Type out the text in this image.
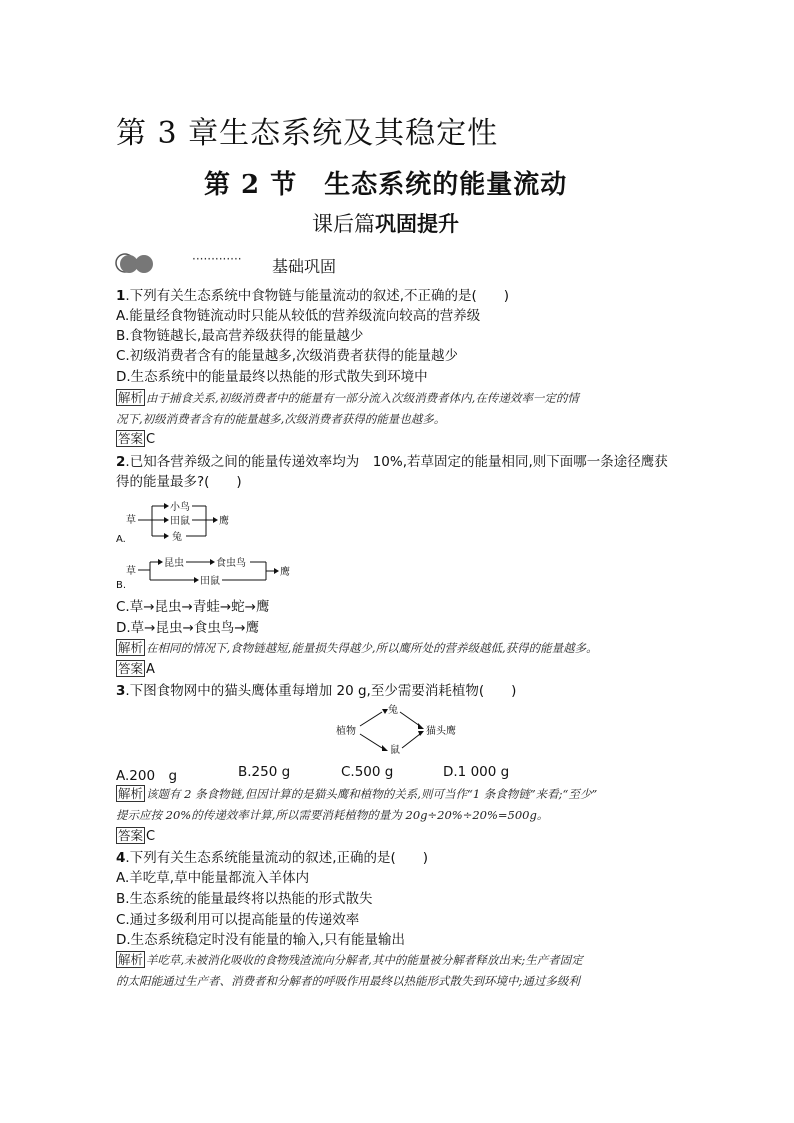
第 3 章生态系统及其稳定性
第 2 节　生态系统的能量流动
课后篇巩固提升
············· 基础巩固
1.下列有关生态系统中食物链与能量流动的叙述,不正确的是(　　)
A.能量经食物链流动时只能从较低的营养级流向较高的营养级
B.食物链越长,最高营养级获得的能量越少
C.初级消费者含有的能量越多,次级消费者获得的能量越少
D.生态系统中的能量最终以热能的形式散失到环境中
解析 由于捕食关系,初级消费者中的能量有一部分流入次级消费者体内,在传递效率一定的情
况下,初级消费者含有的能量越多,次级消费者获得的能量也越多。
答案 C
2.已知各营养级之间的能量传递效率均为　10%,若草固定的能量相同,则下面哪一条途径鹰获
得的能量最多?(　　)
A.
草
小鸟
田鼠
兔
鹰
B.
草
昆虫	食虫鸟
田鼠
鹰
C.草→昆虫→青蛙→蛇→鹰
D.草→昆虫→食虫鸟→鹰
解析 在相同的情况下,食物链越短,能量损失得越少,所以鹰所处的营养级越低,获得的能量越多。
答案 A
3.下图食物网中的猫头鹰体重每增加 20 g,至少需要消耗植物(　　)
植物
兔
鼠
猫头鹰
A.200　g	B.250 g	C.500 g	D.1 000 g
解析 该题有 2 条食物链,但因计算的是猫头鹰和植物的关系,则可当作“1 条食物链”来看;“至少”
提示应按 20%的传递效率计算,所以需要消耗植物的量为 20g÷20%÷20%=500g。
答案 C
4.下列有关生态系统能量流动的叙述,正确的是(　　)
A.羊吃草,草中能量都流入羊体内
B.生态系统的能量最终将以热能的形式散失
C.通过多级利用可以提高能量的传递效率
D.生态系统稳定时没有能量的输入,只有能量输出
解析 羊吃草,未被消化吸收的食物残渣流向分解者,其中的能量被分解者释放出来;生产者固定
的太阳能通过生产者、消费者和分解者的呼吸作用最终以热能形式散失到环境中;通过多级利
